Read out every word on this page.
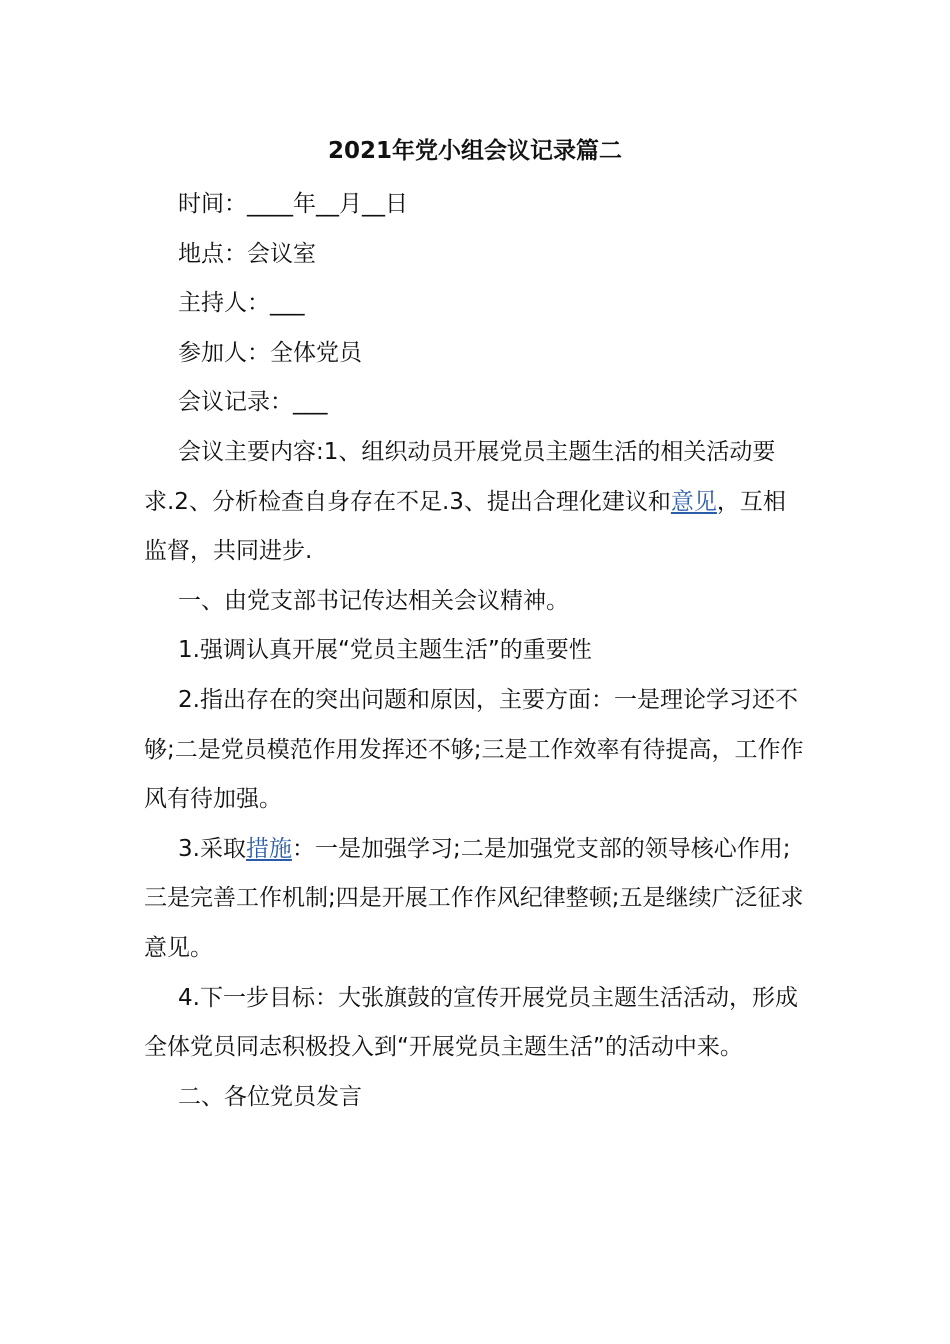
2021年党小组会议记录篇二

时间：____年__月__日

地点：会议室

主持人：___

参加人：全体党员

会议记录：___

会议主要内容:1、组织动员开展党员主题生活的相关活动要求.2、分析检查自身存在不足.3、提出合理化建议和意见，互相监督，共同进步.

一、由党支部书记传达相关会议精神。

1.强调认真开展“党员主题生活”的重要性

2.指出存在的突出问题和原因，主要方面：一是理论学习还不够;二是党员模范作用发挥还不够;三是工作效率有待提高，工作作风有待加强。

3.采取措施：一是加强学习;二是加强党支部的领导核心作用;三是完善工作机制;四是开展工作作风纪律整顿;五是继续广泛征求意见。

4.下一步目标：大张旗鼓的宣传开展党员主题生活活动，形成全体党员同志积极投入到“开展党员主题生活”的活动中来。

二、各位党员发言
